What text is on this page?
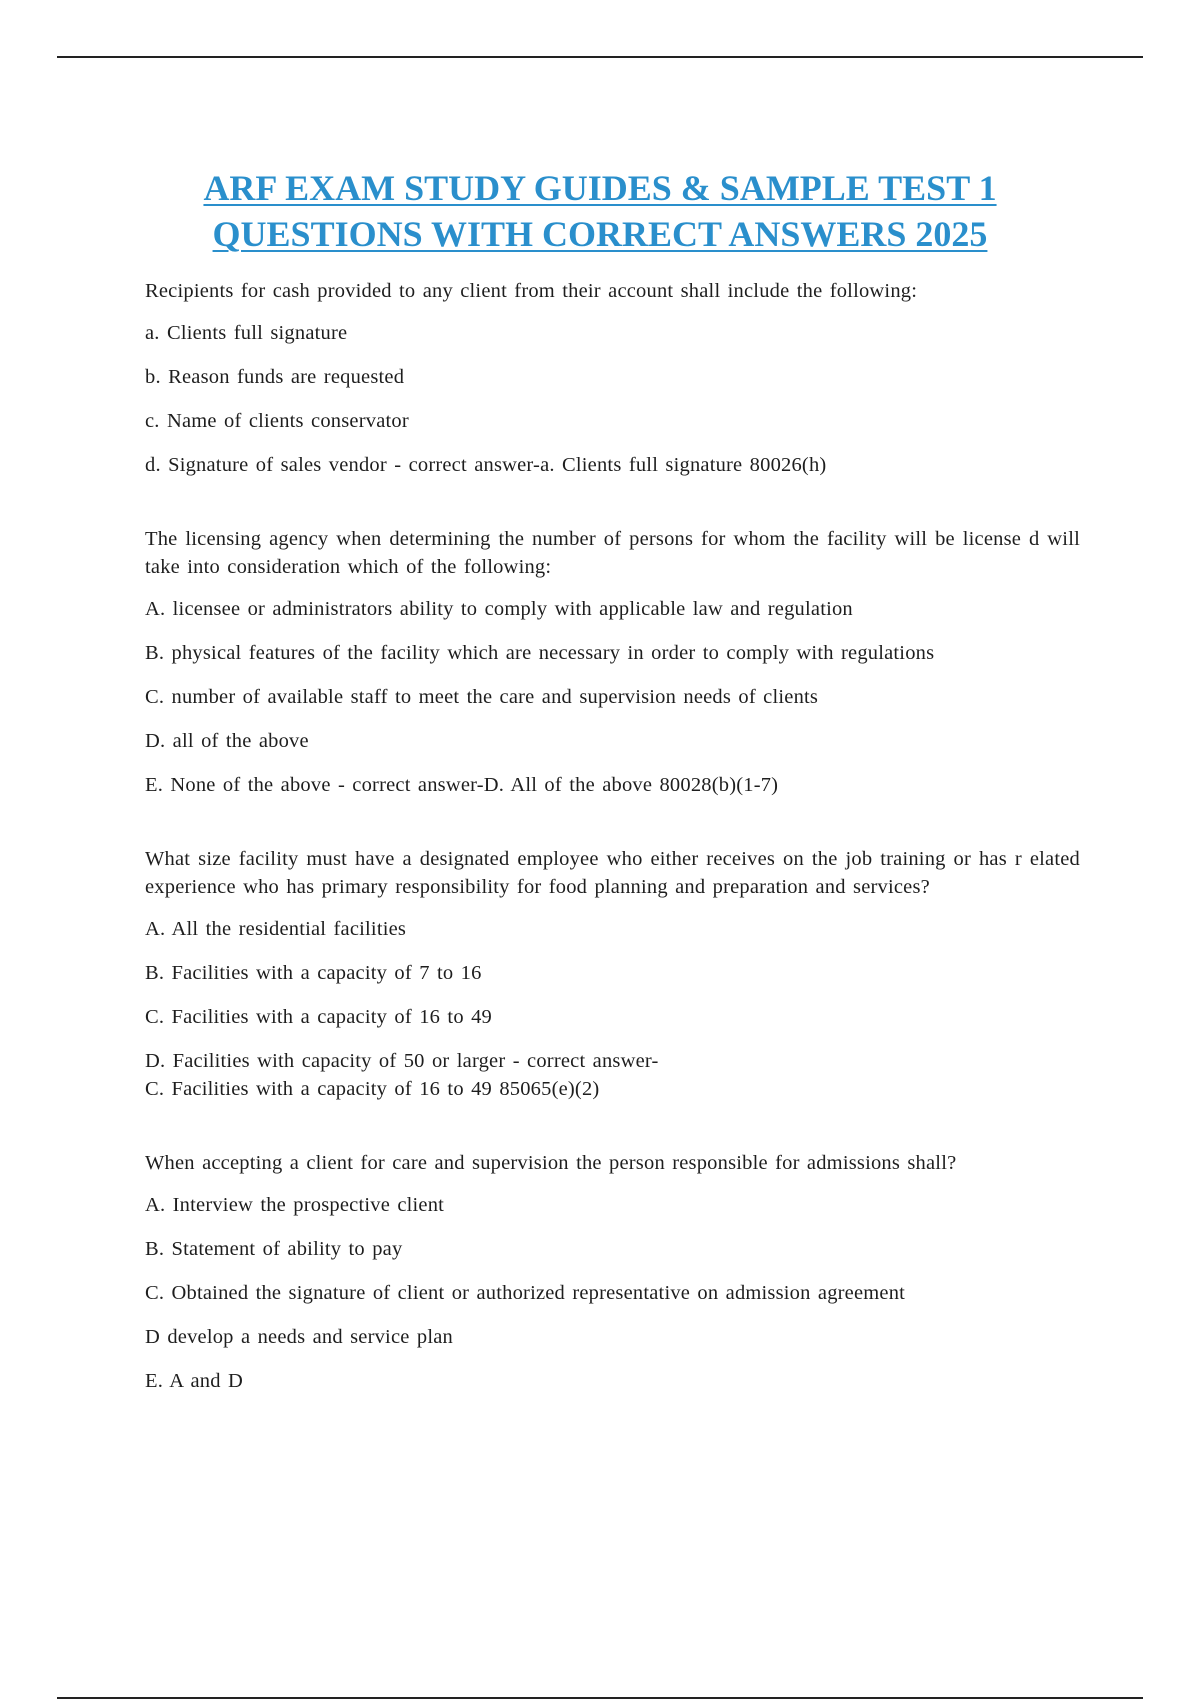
ARF EXAM STUDY GUIDES & SAMPLE TEST 1
QUESTIONS WITH CORRECT ANSWERS 2025

Recipients for cash provided to any client from their account shall include the following:

a. Clients full signature

b. Reason funds are requested

c. Name of clients conservator

d. Signature of sales vendor - correct answer-a. Clients full signature 80026(h)

The licensing agency when determining the number of persons for whom the facility will be license d will take into consideration which of the following:

A. licensee or administrators ability to comply with applicable law and regulation

B. physical features of the facility which are necessary in order to comply with regulations

C. number of available staff to meet the care and supervision needs of clients

D. all of the above

E. None of the above - correct answer-D. All of the above 80028(b)(1-7)

What size facility must have a designated employee who either receives on the job training or has r elated experience who has primary responsibility for food planning and preparation and services?

A. All the residential facilities

B. Facilities with a capacity of 7 to 16

C. Facilities with a capacity of 16 to 49

D. Facilities with capacity of 50 or larger - correct answer-

C. Facilities with a capacity of 16 to 49 85065(e)(2)

When accepting a client for care and supervision the person responsible for admissions shall?

A. Interview the prospective client

B. Statement of ability to pay

C. Obtained the signature of client or authorized representative on admission agreement

D develop a needs and service plan

E. A and D
